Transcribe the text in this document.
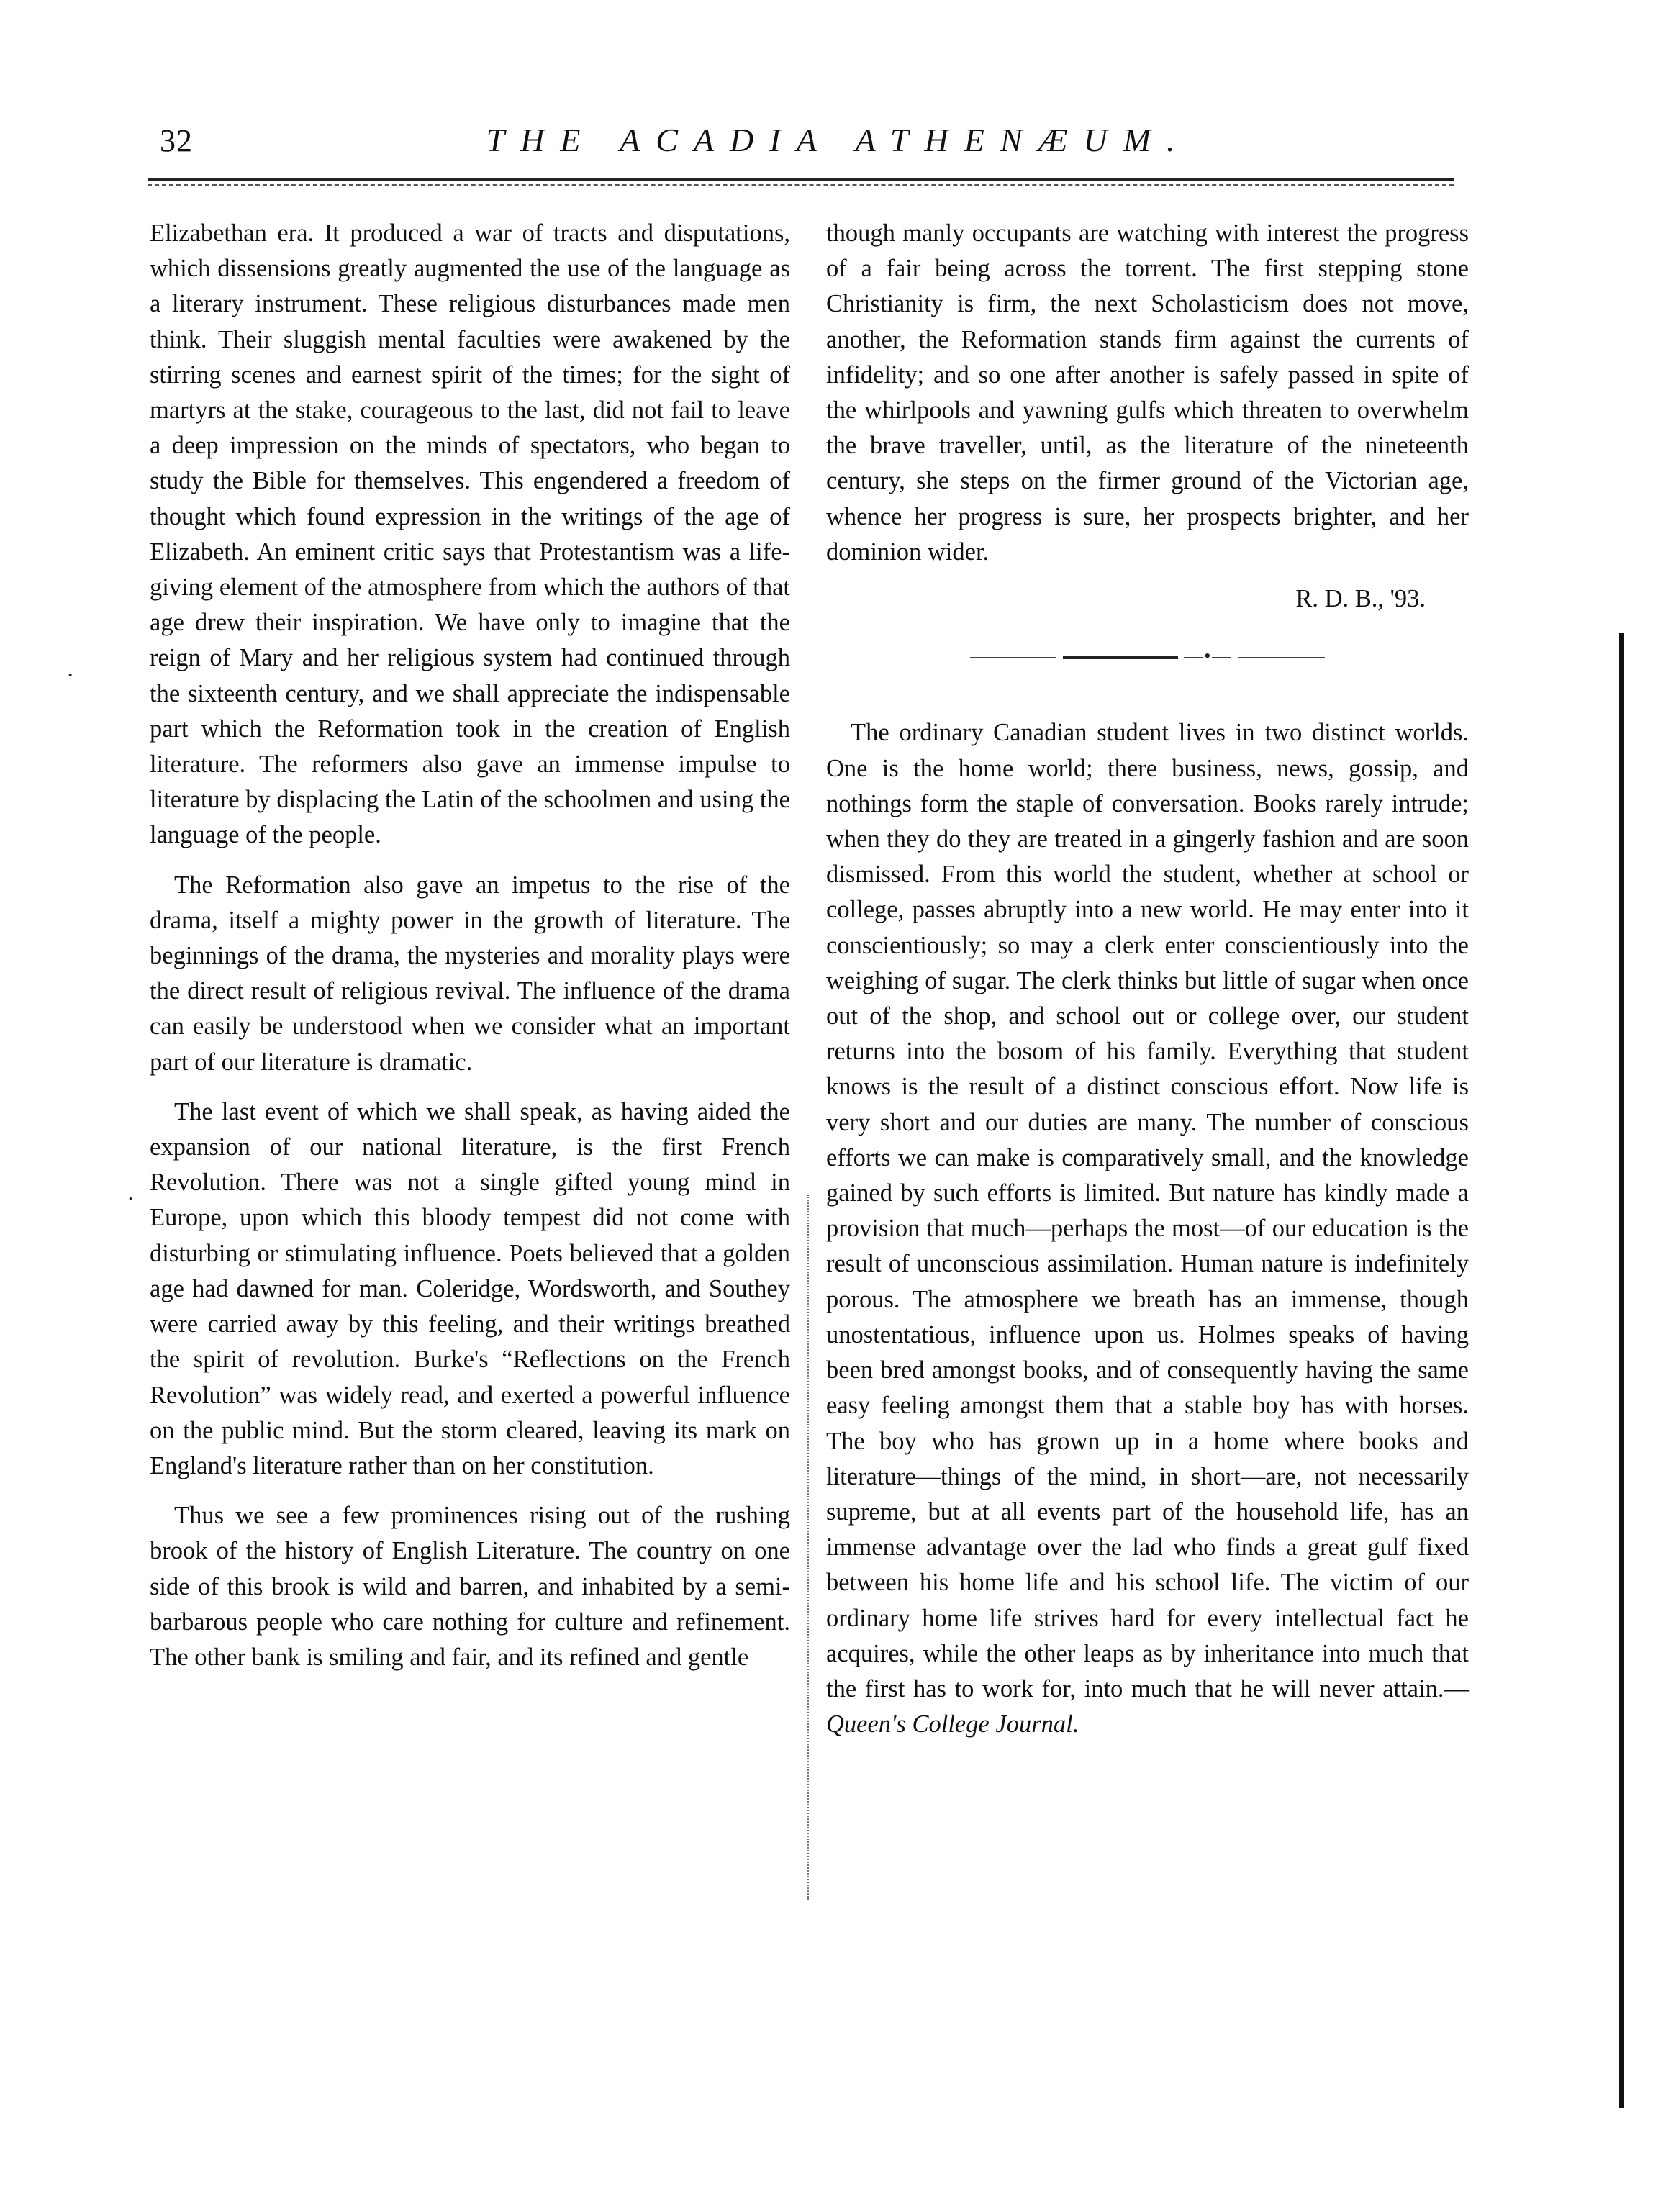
32	THE ACADIA ATHENÆUM.

Elizabethan era. It produced a war of tracts and disputations, which dissensions greatly augmented the use of the language as a literary instrument. These religious disturbances made men think. Their sluggish mental faculties were awakened by the stirring scenes and earnest spirit of the times; for the sight of martyrs at the stake, courageous to the last, did not fail to leave a deep impression on the minds of spectators, who began to study the Bible for themselves. This engendered a freedom of thought which found expression in the writings of the age of Elizabeth. An eminent critic says that Protestantism was a life-giving element of the atmosphere from which the authors of that age drew their inspiration. We have only to imagine that the reign of Mary and her religious system had continued through the sixteenth century, and we shall appreciate the indispensable part which the Reformation took in the creation of English literature. The reformers also gave an immense impulse to literature by displacing the Latin of the schoolmen and using the language of the people.

The Reformation also gave an impetus to the rise of the drama, itself a mighty power in the growth of literature. The beginnings of the drama, the mysteries and morality plays were the direct result of religious revival. The influence of the drama can easily be understood when we consider what an important part of our literature is dramatic.

The last event of which we shall speak, as having aided the expansion of our national literature, is the first French Revolution. There was not a single gifted young mind in Europe, upon which this bloody tempest did not come with disturbing or stimulating influence. Poets believed that a golden age had dawned for man. Coleridge, Wordsworth, and Southey were carried away by this feeling, and their writings breathed the spirit of revolution. Burke's “Reflections on the French Revolution” was widely read, and exerted a powerful influence on the public mind. But the storm cleared, leaving its mark on England's literature rather than on her constitution.

Thus we see a few prominences rising out of the rushing brook of the history of English Literature. The country on one side of this brook is wild and barren, and inhabited by a semi-barbarous people who care nothing for culture and refinement. The other bank is smiling and fair, and its refined and gentle

though manly occupants are watching with interest the progress of a fair being across the torrent. The first stepping stone Christianity is firm, the next Scholasticism does not move, another, the Reformation stands firm against the currents of infidelity; and so one after another is safely passed in spite of the whirlpools and yawning gulfs which threaten to overwhelm the brave traveller, until, as the literature of the nineteenth century, she steps on the firmer ground of the Victorian age, whence her progress is sure, her prospects brighter, and her dominion wider.

R. D. B., '93.
—•—

The ordinary Canadian student lives in two distinct worlds. One is the home world; there business, news, gossip, and nothings form the staple of conversation. Books rarely intrude; when they do they are treated in a gingerly fashion and are soon dismissed. From this world the student, whether at school or college, passes abruptly into a new world. He may enter into it conscientiously; so may a clerk enter conscientiously into the weighing of sugar. The clerk thinks but little of sugar when once out of the shop, and school out or college over, our student returns into the bosom of his family. Everything that student knows is the result of a distinct conscious effort. Now life is very short and our duties are many. The number of conscious efforts we can make is comparatively small, and the knowledge gained by such efforts is limited. But nature has kindly made a provision that much—perhaps the most—of our education is the result of unconscious assimilation. Human nature is indefinitely porous. The atmosphere we breath has an immense, though unostentatious, influence upon us. Holmes speaks of having been bred amongst books, and of consequently having the same easy feeling amongst them that a stable boy has with horses. The boy who has grown up in a home where books and literature—things of the mind, in short—are, not necessarily supreme, but at all events part of the household life, has an immense advantage over the lad who finds a great gulf fixed between his home life and his school life. The victim of our ordinary home life strives hard for every intellectual fact he acquires, while the other leaps as by inheritance into much that the first has to work for, into much that he will never attain.—Queen's College Journal.

·
·
